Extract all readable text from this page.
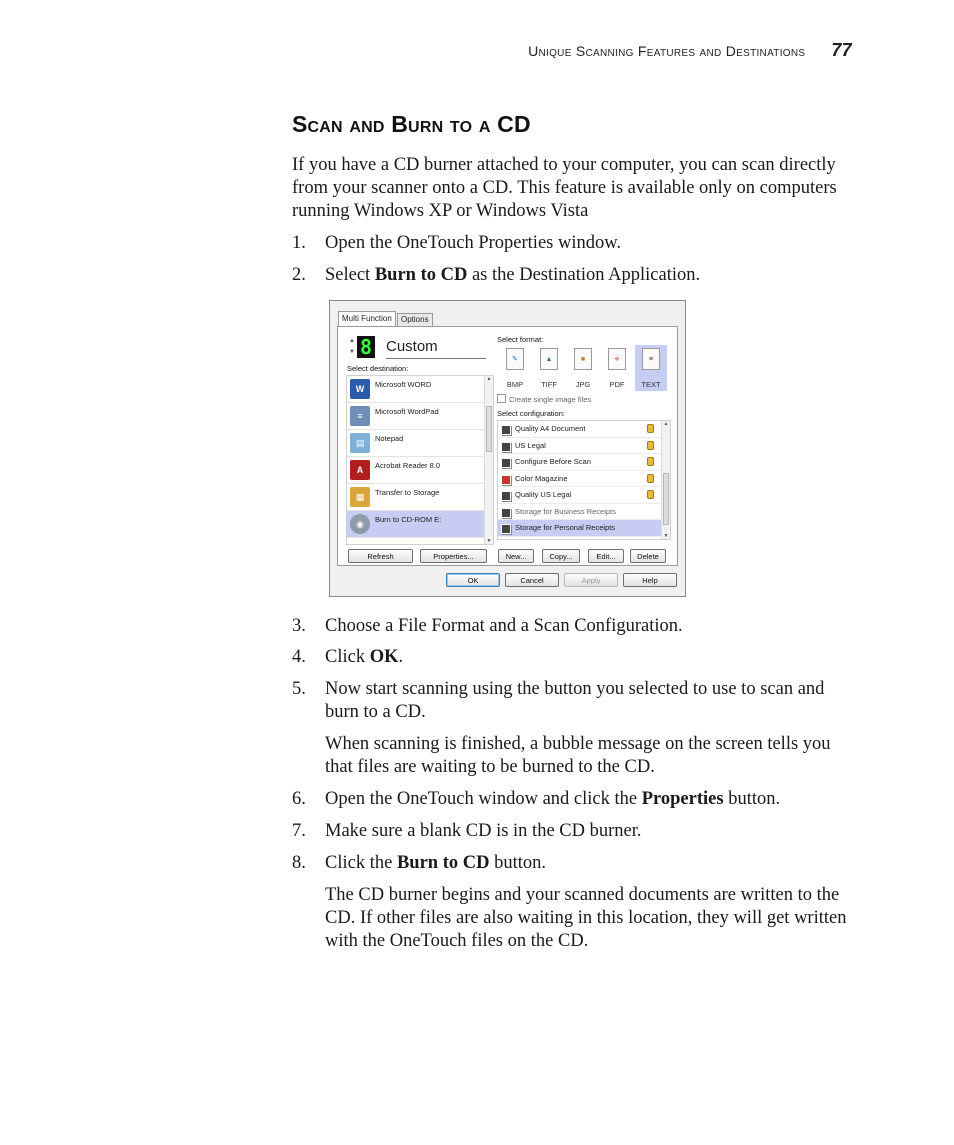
Unique Scanning Features and Destinations 77
Scan and Burn to a CD

If you have a CD burner attached to your computer, you can scan directly from your scanner onto a CD. This feature is available only on computers running Windows XP or Windows Vista

1. Open the OneTouch Properties window.
2. Select Burn to CD as the Destination Application.
Multi Function	Options
▲
▼ 8 Custom
Select destination:
W	Microsoft WORD
≡	Microsoft WordPad
▤	Notepad
A	Acrobat Reader 8.0
▦	Transfer to Storage
◉	Burn to CD-ROM E:
▲
▼
Select format:
✎
BMP
▲
TIFF
■
JPG
⟡
PDF
≡
TEXT
Create single image files
Select configuration:
Quality A4 Document
US Legal
Configure Before Scan
Color Magazine
Quality US Legal
Storage for Business Receipts
Storage for Personal Receipts
▲
▼
Refresh	Properties...	New...	Copy...	Edit...	Delete
OK	Cancel	Apply	Help
3. Choose a File Format and a Scan Configuration.
4. Click OK.
5. Now start scanning using the button you selected to use to scan and burn to a CD.

When scanning is finished, a bubble message on the screen tells you that files are waiting to be burned to the CD.

6. Open the OneTouch window and click the Properties button.
7. Make sure a blank CD is in the CD burner.
8. Click the Burn to CD button.

The CD burner begins and your scanned documents are written to the CD. If other files are also waiting in this location, they will get written with the OneTouch files on the CD.
